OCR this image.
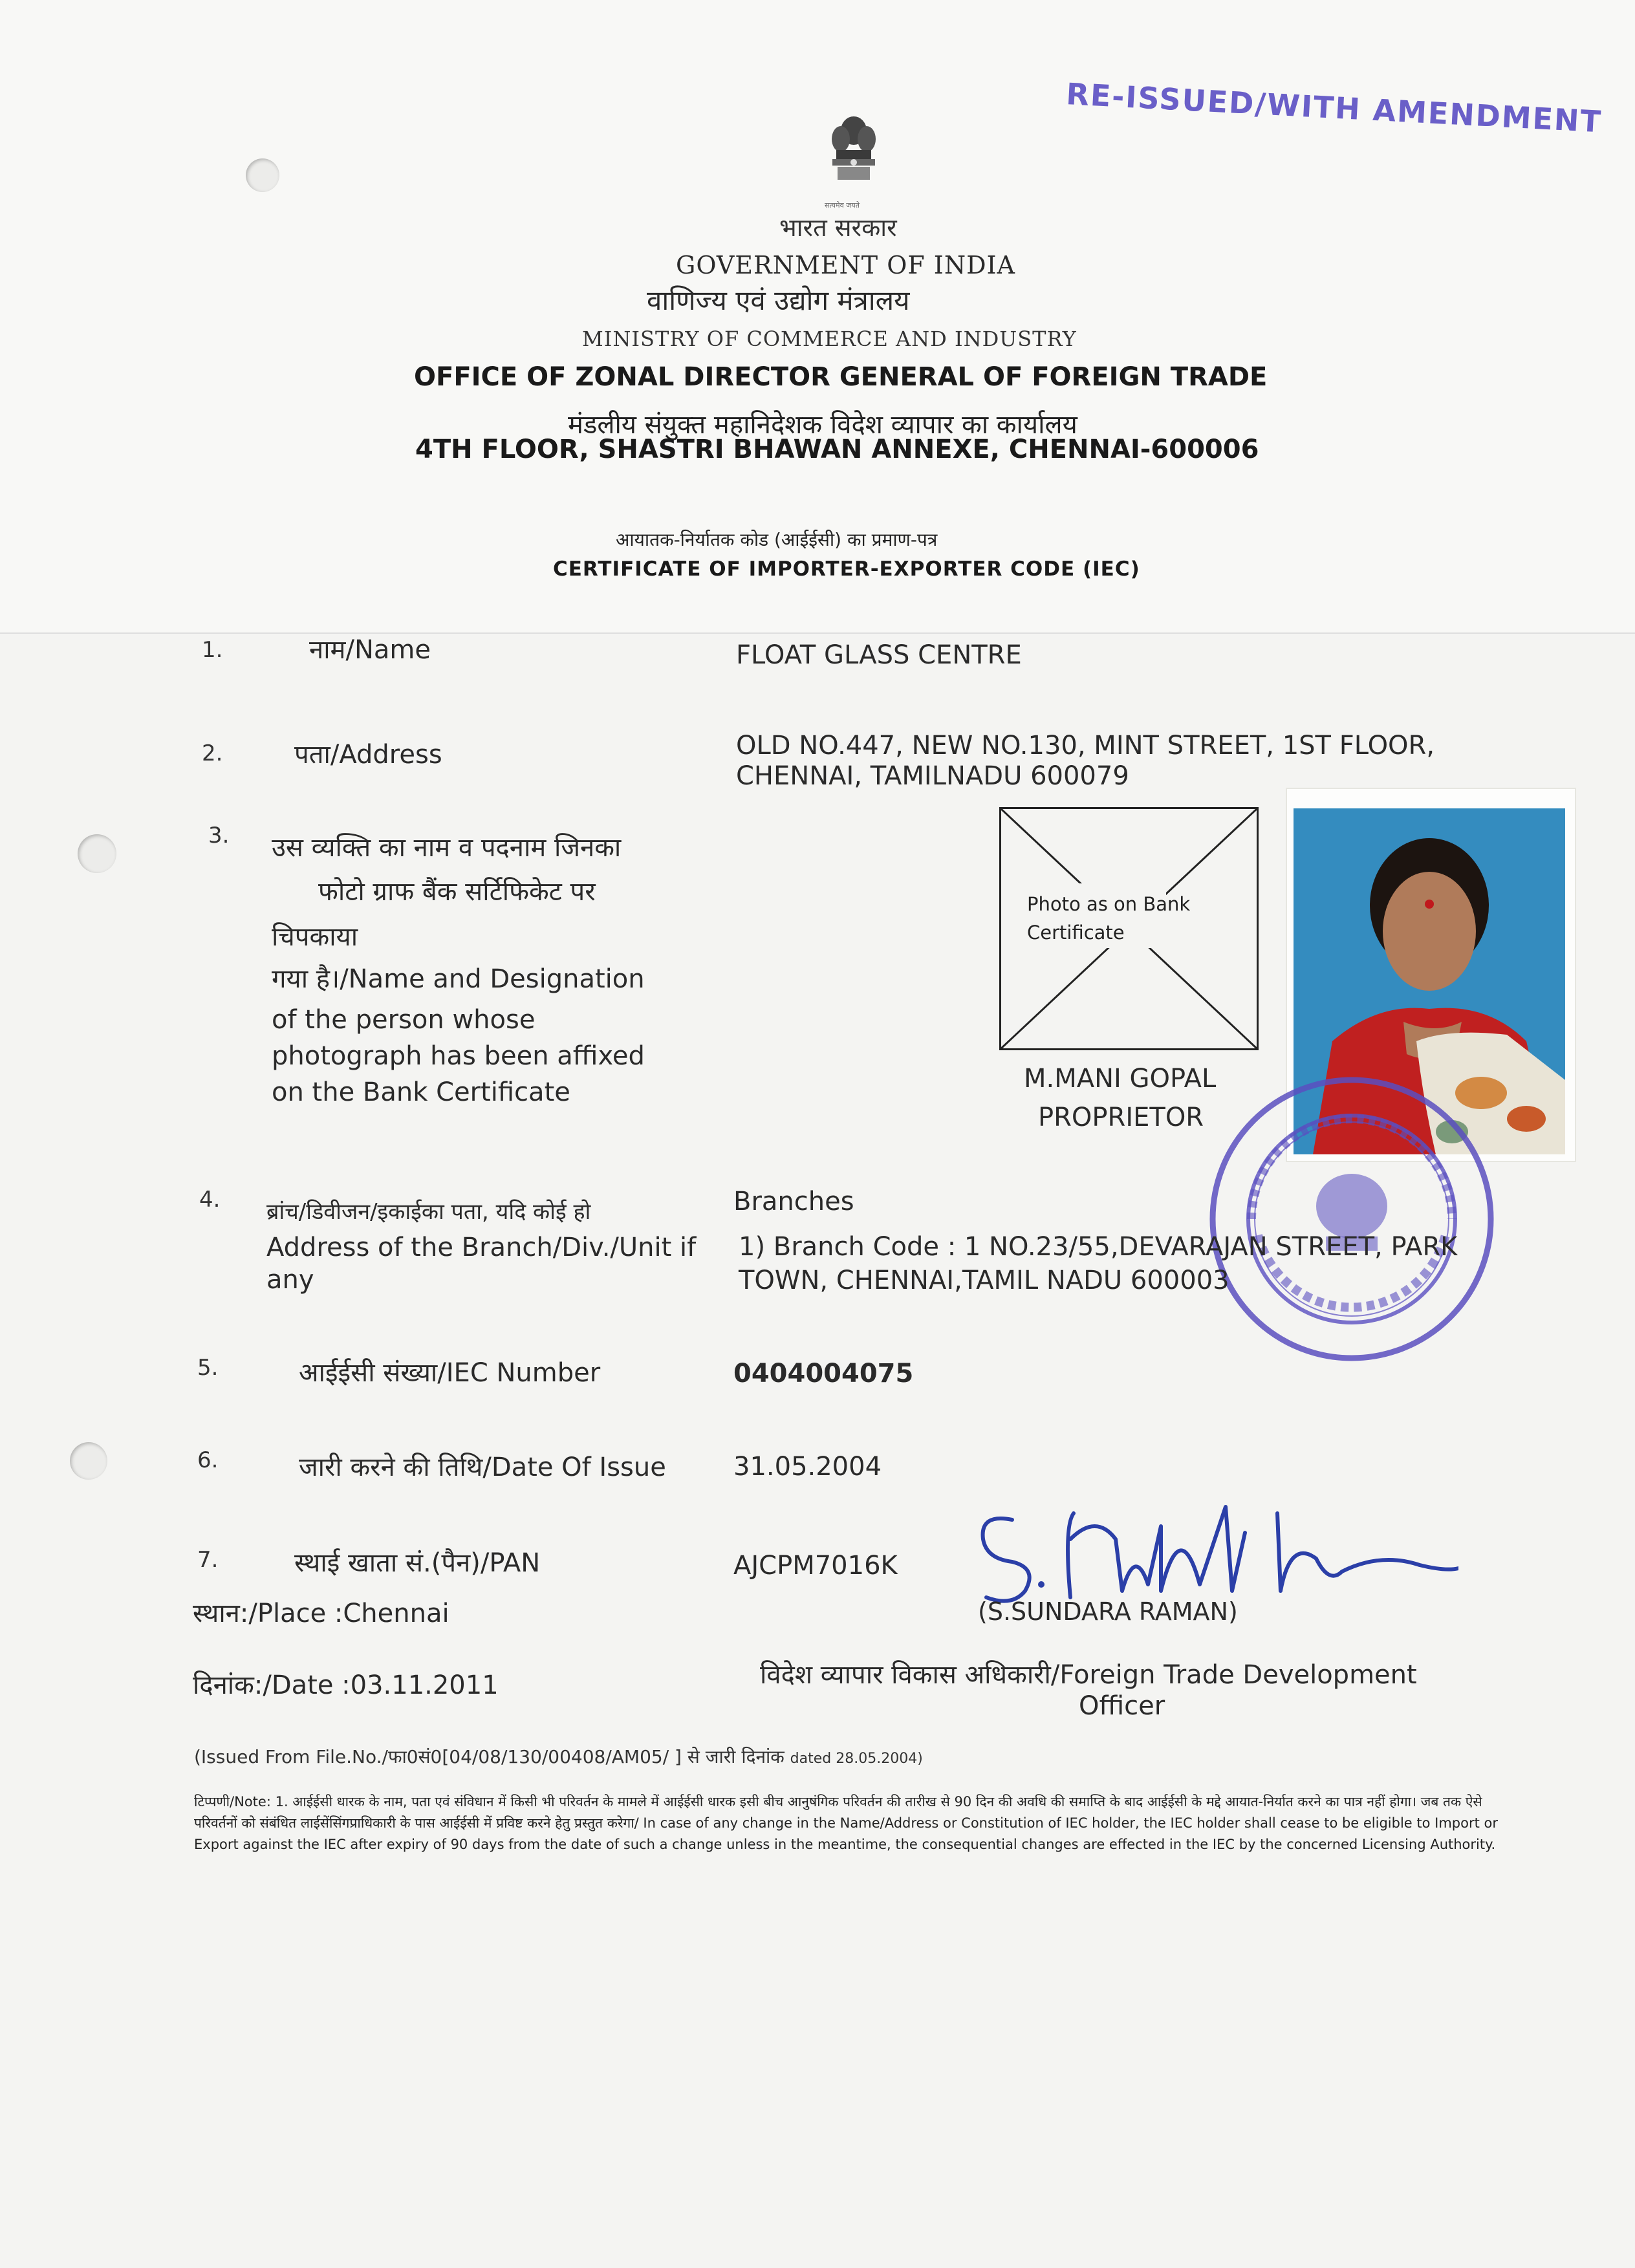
RE-ISSUED/WITH AMENDMENT
सत्यमेव जयते
भारत सरकार
GOVERNMENT OF INDIA
वाणिज्य एवं उद्योग मंत्रालय
MINISTRY OF COMMERCE AND INDUSTRY
OFFICE OF ZONAL DIRECTOR GENERAL OF FOREIGN TRADE
मंडलीय संयुक्त महानिदेशक विदेश व्यापार का कार्यालय
4TH FLOOR, SHASTRI BHAWAN ANNEXE, CHENNAI-600006
आयातक-निर्यातक कोड (आईईसी) का प्रमाण-पत्र
CERTIFICATE OF IMPORTER-EXPORTER CODE (IEC)
1.	नाम/Name	FLOAT GLASS CENTRE
2.	पता/Address	OLD NO.447, NEW NO.130, MINT STREET, 1ST FLOOR,
CHENNAI, TAMILNADU 600079
3. उस व्यक्ति का नाम व पदनाम जिनका
फोटो ग्राफ बैंक सर्टिफिकेट पर
चिपकाया
गया है।/Name and Designation
of the person whose
photograph has been affixed
on the Bank Certificate
Photo as on Bank
Certificate
M.MANI GOPAL
PROPRIETOR
4. ब्रांच/डिवीजन/इकाईका पता, यदि कोई हो
Address of the Branch/Div./Unit if
any
Branches
1) Branch Code : 1 NO.23/55,DEVARAJAN STREET, PARK
TOWN, CHENNAI,TAMIL NADU 600003
5.	आईईसी संख्या/IEC Number	0404004075
6.	जारी करने की तिथि/Date Of Issue	31.05.2004
7.	स्थाई खाता सं.(पैन)/PAN	AJCPM7016K
स्थान:/Place :Chennai	(S.SUNDARA RAMAN)
दिनांक:/Date :03.11.2011	विदेश व्यापार विकास अधिकारी/Foreign Trade Development
Officer
(Issued From File.No./फा0सं0[04/08/130/00408/AM05/ ] से जारी दिनांक dated 28.05.2004)
टिप्पणी/Note: 1. आईईसी धारक के नाम, पता एवं संविधान में किसी भी परिवर्तन के मामले में आईईसी धारक इसी बीच आनुषंगिक परिवर्तन की तारीख से 90 दिन की अवधि की समाप्ति के बाद आईईसी के मद्दे आयात-निर्यात करने का पात्र नहीं होगा। जब तक ऐसे परिवर्तनों को संबंधित लाईसेंसिंगप्राधिकारी के पास आईईसी में प्रविष्ट करने हेतु प्रस्तुत करेगा/ In case of any change in the Name/Address or Constitution of IEC holder, the IEC holder shall cease to be eligible to Import or Export against the IEC after expiry of 90 days from the date of such a change unless in the meantime, the consequential changes are effected in the IEC by the concerned Licensing Authority.
